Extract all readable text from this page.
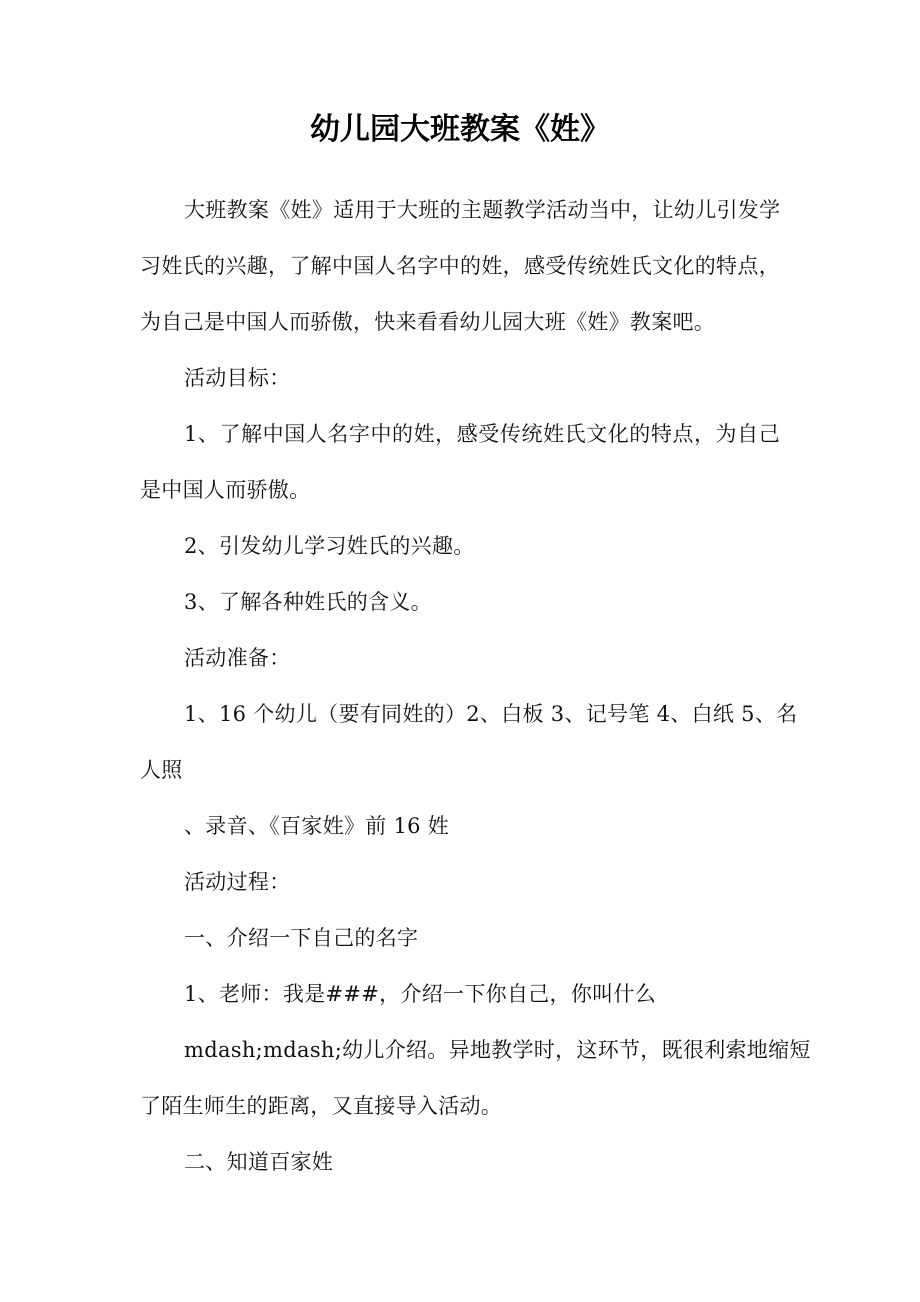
幼儿园大班教案《姓》
大班教案《姓》适用于大班的主题教学活动当中，让幼儿引发学
习姓氏的兴趣，了解中国人名字中的姓，感受传统姓氏文化的特点，
为自己是中国人而骄傲，快来看看幼儿园大班《姓》教案吧。
活动目标：
1、了解中国人名字中的姓，感受传统姓氏文化的特点，为自己
是中国人而骄傲。
2、引发幼儿学习姓氏的兴趣。
3、了解各种姓氏的含义。
活动准备：
1、16 个幼儿（要有同姓的）2、白板 3、记号笔 4、白纸 5、名
人照
、录音、《百家姓》前 16 姓
活动过程：
一、介绍一下自己的名字
1、老师：我是###，介绍一下你自己，你叫什么
mdash;mdash;幼儿介绍。异地教学时，这环节，既很利索地缩短
了陌生师生的距离，又直接导入活动。
二、知道百家姓
